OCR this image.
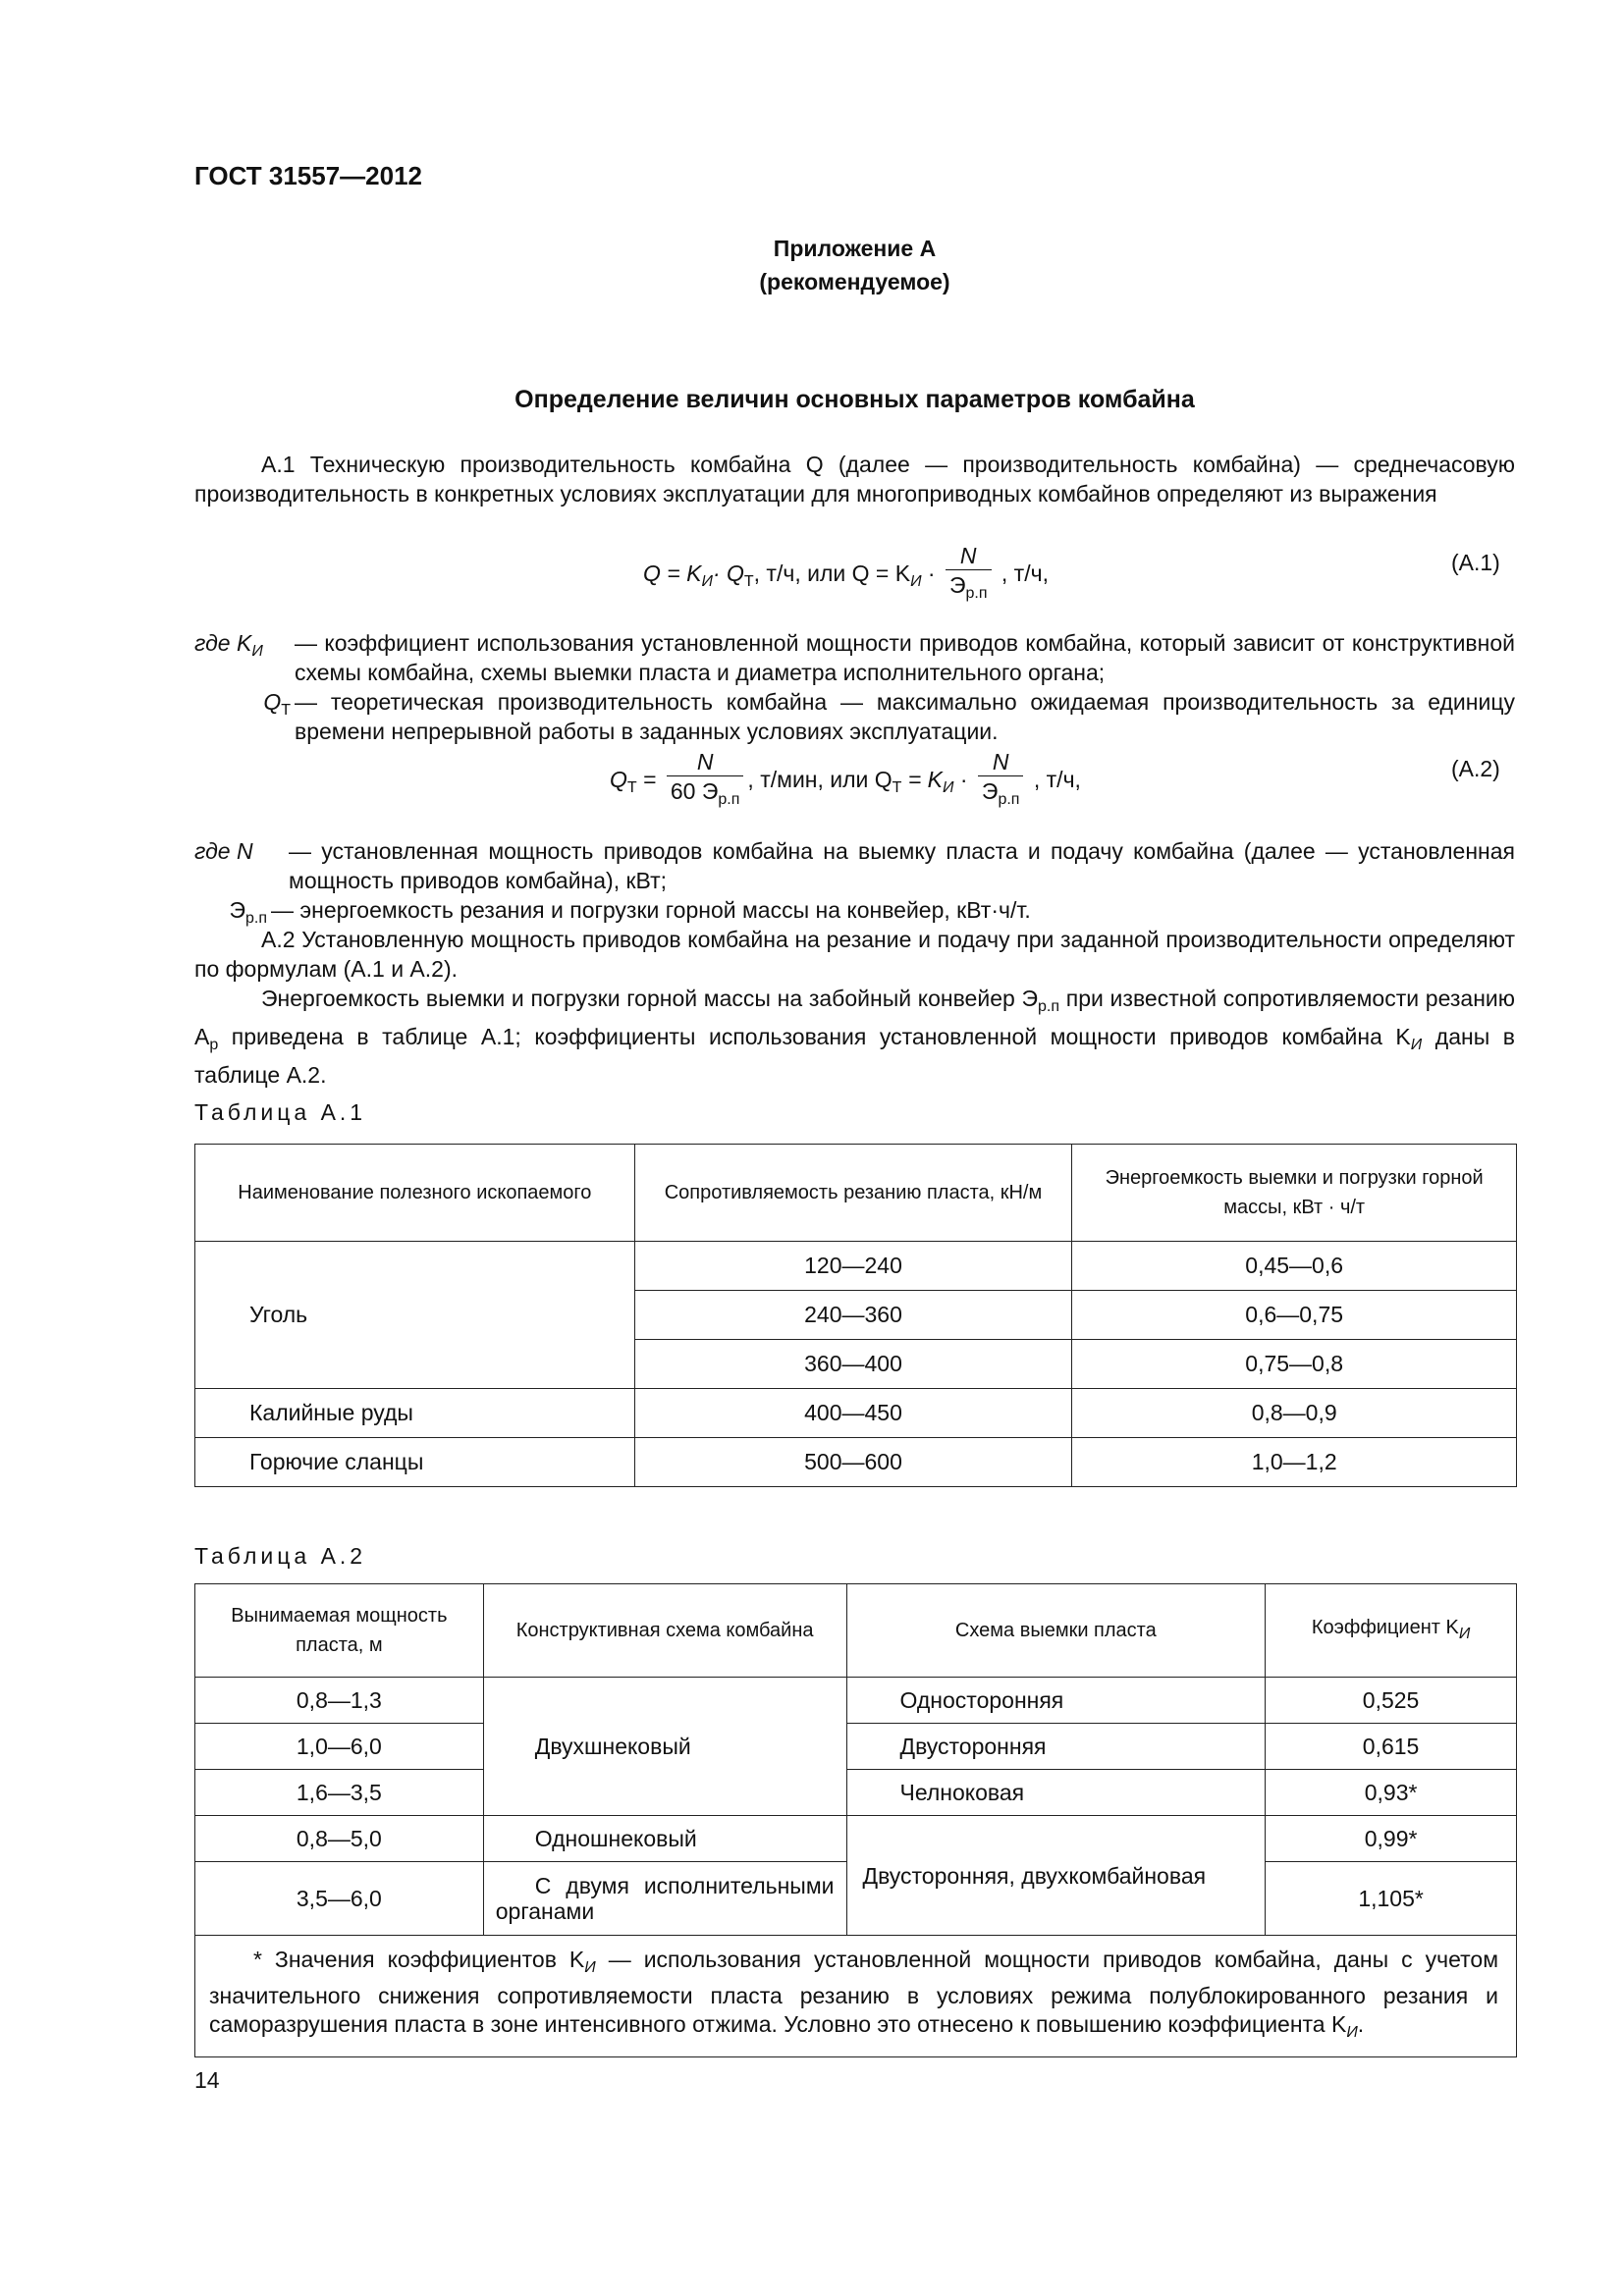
ГОСТ 31557—2012
Приложение А
(рекомендуемое)
Определение величин основных параметров комбайна
А.1 Техническую производительность комбайна Q (далее — производительность комбайна) — среднечасовую производительность в конкретных условиях эксплуатации для многоприводных комбайнов определяют из выражения
$Q = K_И\cdot Q_Т$, т/ч, или $Q = K_И \cdot \frac{N}{Э_{р.п}}$ , т/ч,	(А.1)
где $K_И$	— коэффициент использования установленной мощности приводов комбайна, который зависит от конструктивной схемы комбайна, схемы выемки пласта и диаметра исполнительного органа;
$Q_Т$ — теоретическая производительность комбайна — максимально ожидаемая производительность за единицу времени непрерывной работы в заданных условиях эксплуатации.
$Q_Т = \frac{N}{60 Э_{р.п}}$ , т/мин, или $Q_Т = K_И \cdot \frac{N}{Э_{р.п}}$ , т/ч,	(А.2)
где N	— установленная мощность приводов комбайна на выемку пласта и подачу комбайна (далее — установленная мощность приводов комбайна), кВт;
$Э_{р.п}$ — энергоемкость резания и погрузки горной массы на конвейер, кВт·ч/т.
А.2 Установленную мощность приводов комбайна на резание и подачу при заданной производительности определяют по формулам (А.1 и А.2).
Энергоемкость выемки и погрузки горной массы на забойный конвейер $Э_{р.п}$ при известной сопротивляемости резанию $A_р$ приведена в таблице А.1; коэффициенты использования установленной мощности приводов комбайна $K_И$ даны в таблице А.2.
Таблица А.1
Наименование полезного ископаемого	Сопротивляемость резанию пласта, кН/м	Энергоемкость выемки и погрузки горной массы, кВт · ч/т
Уголь	120—240	0,45—0,6
	240—360	0,6—0,75
	360—400	0,75—0,8
Калийные руды	400—450	0,8—0,9
Горючие сланцы	500—600	1,0—1,2
Таблица А.2
Вынимаемая мощность пласта, м	Конструктивная схема комбайна	Схема выемки пласта	Коэффициент $K_И$
0,8—1,3	Двухшнековый	Односторонняя	0,525
1,0—6,0		Двусторонняя	0,615
1,6—3,5		Челноковая	0,93*
0,8—5,0	Одношнековый	Двусторонняя, двухкомбайновая	0,99*
3,5—6,0	С двумя исполнительными органами		1,105*
* Значения коэффициентов $K_И$ — использования установленной мощности приводов комбайна, даны с учетом значительного снижения сопротивляемости пласта резанию в условиях режима полублокированного резания и саморазрушения пласта в зоне интенсивного отжима. Условно это отнесено к повышению коэффициента $K_И$.			
14
